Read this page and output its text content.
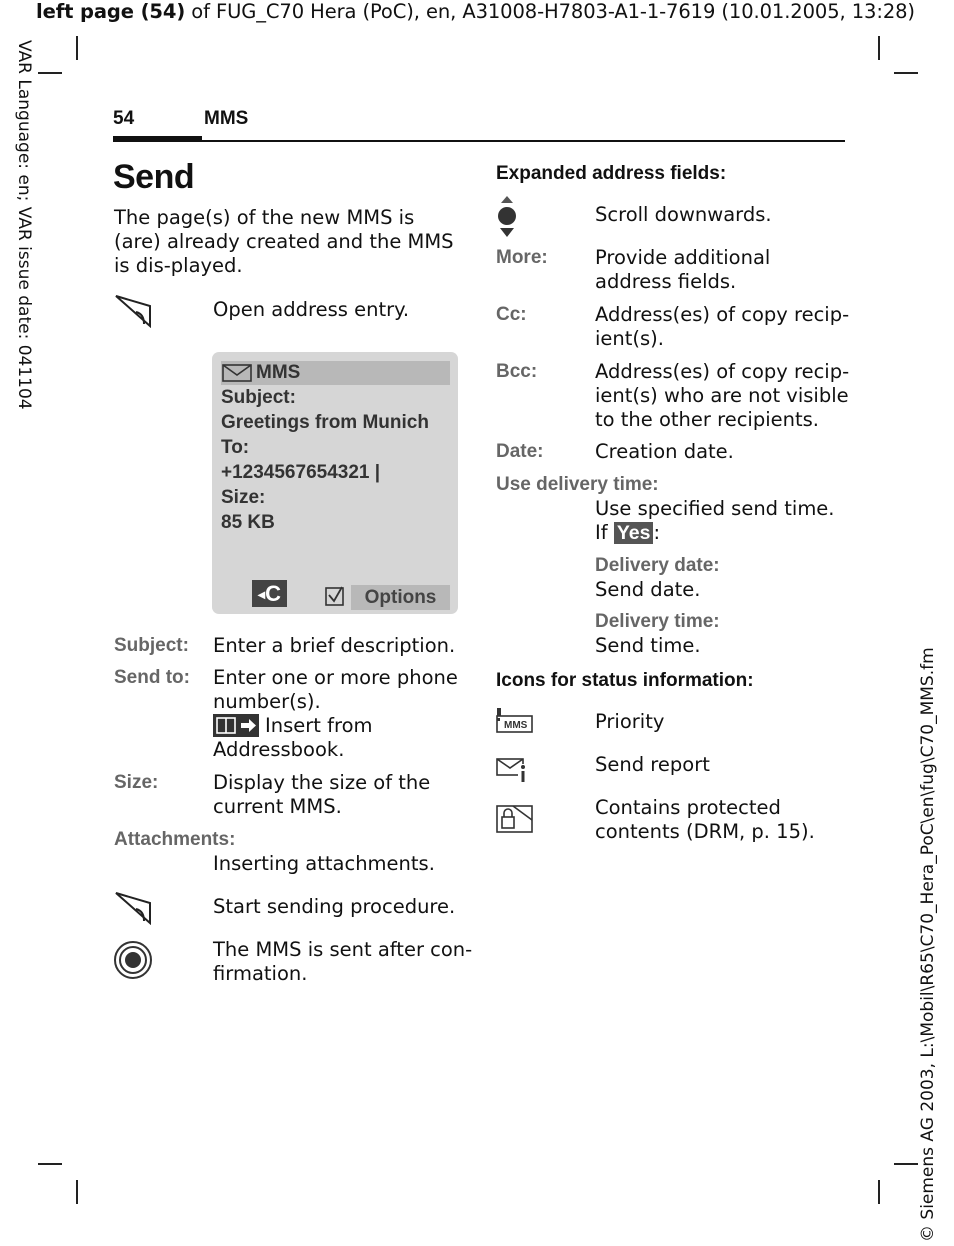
left page (54) of FUG_C70 Hera (PoC), en, A31008-H7803-A1-1-7619 (10.01.2005, 13:28)
VAR Language: en; VAR issue date: 041104
© Siemens AG 2003, L:\Mobil\R65\C70_Hera_PoC\en\fug\C70_MMS.fm
54	MMS
Send
The page(s) of the new MMS is (are) already created and the MMS is dis-played.
Open address entry.
MMS
Subject:
Greetings from Munich
To:
+1234567654321 |
Size:
85 KB
◂C	Options
Subject: Enter a brief description.
Send to: Enter one or more phone
number(s).
Insert from
Addressbook.
Size:	Display the size of the
current MMS.
Attachments:
Inserting attachments.
Start sending procedure.
The MMS is sent after con-
firmation.
Expanded address fields:
Scroll downwards.
More: Provide additional
address fields.
Cc:	Address(es) of copy recip-
ient(s).
Bcc:	Address(es) of copy recip-
ient(s) who are not visible
to the other recipients.
Date:	Creation date.
Use delivery time:
Use specified send time.
If Yes :
Delivery date:
Send date.
Delivery time:
Send time.
Icons for status information:
MMS	Priority
Send report
Contains protected
contents (DRM, p. 15).
